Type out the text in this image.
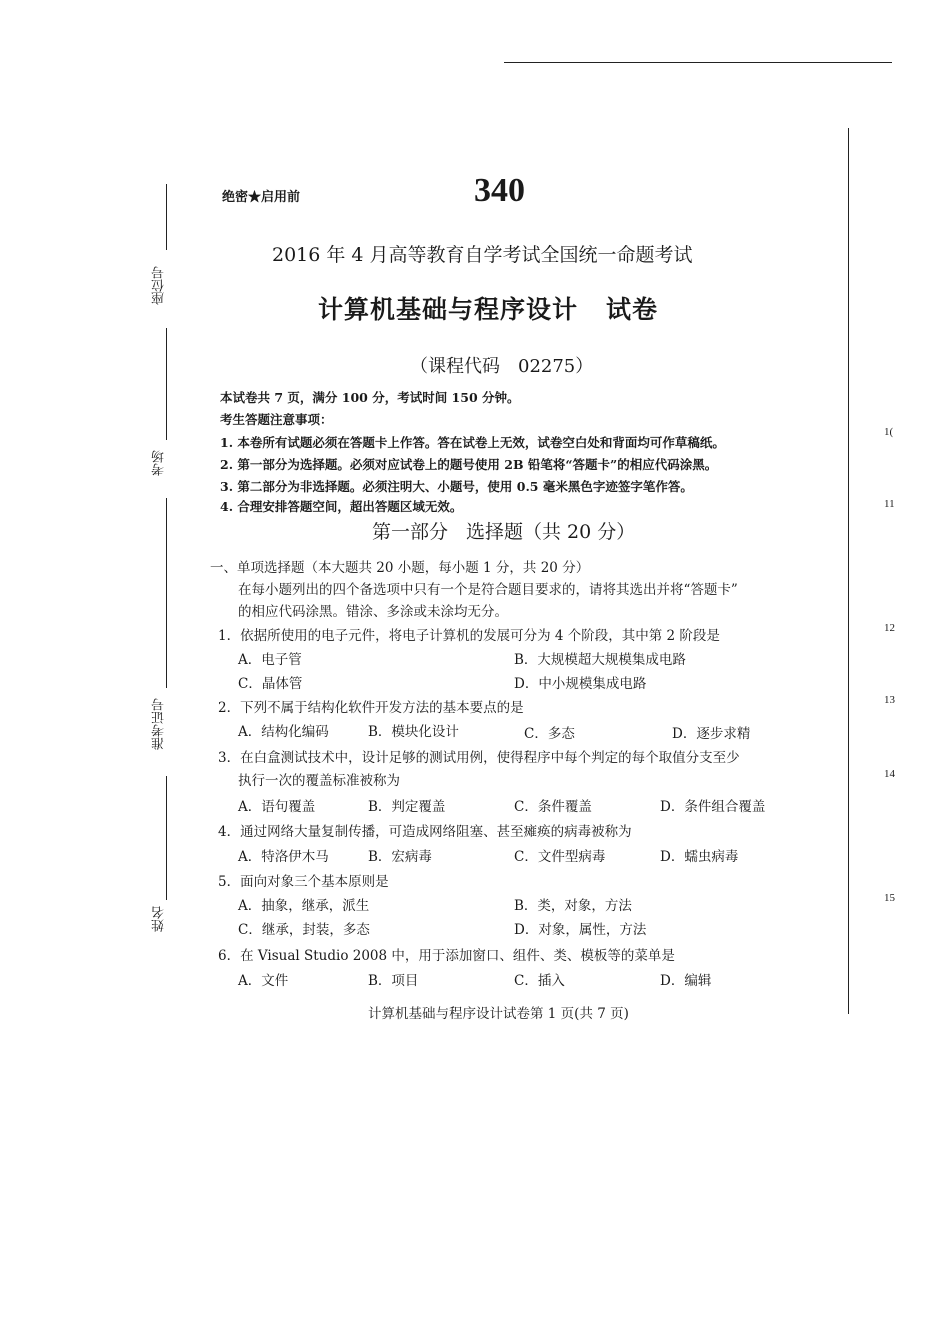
座位号
考场
准考证号
姓名
绝密★启用前	340
2016 年 4 月高等教育自学考试全国统一命题考试
计算机基础与程序设计 试卷
（课程代码　02275）
本试卷共 7 页，满分 100 分，考试时间 150 分钟。
考生答题注意事项：
1. 本卷所有试题必须在答题卡上作答。答在试卷上无效，试卷空白处和背面均可作草稿纸。
2. 第一部分为选择题。必须对应试卷上的题号使用 2B 铅笔将“答题卡”的相应代码涂黑。
3. 第二部分为非选择题。必须注明大、小题号，使用 0.5 毫米黑色字迹签字笔作答。
4. 合理安排答题空间，超出答题区域无效。
第一部分 选择题（共 20 分）
一、单项选择题（本大题共 20 小题，每小题 1 分，共 20 分）
在每小题列出的四个备选项中只有一个是符合题目要求的，请将其选出并将“答题卡”
的相应代码涂黑。错涂、多涂或未涂均无分。
1．依据所使用的电子元件，将电子计算机的发展可分为 4 个阶段，其中第 2 阶段是
A．电子管	B．大规模超大规模集成电路
C．晶体管	D．中小规模集成电路
2．下列不属于结构化软件开发方法的基本要点的是
A．结构化编码	B．模块化设计	C．多态	D．逐步求精
3．在白盒测试技术中，设计足够的测试用例，使得程序中每个判定的每个取值分支至少
执行一次的覆盖标准被称为
A．语句覆盖	B．判定覆盖	C．条件覆盖	D．条件组合覆盖
4．通过网络大量复制传播，可造成网络阻塞、甚至瘫痪的病毒被称为
A．特洛伊木马	B．宏病毒	C．文件型病毒	D．蠕虫病毒
5．面向对象三个基本原则是
A．抽象，继承，派生	B．类，对象，方法
C．继承，封装，多态	D．对象，属性，方法
6．在 Visual Studio 2008 中，用于添加窗口、组件、类、模板等的菜单是
A．文件	B．项目	C．插入	D．编辑
1(
11
12
13
14
15
计算机基础与程序设计试卷第 1 页(共 7 页)
